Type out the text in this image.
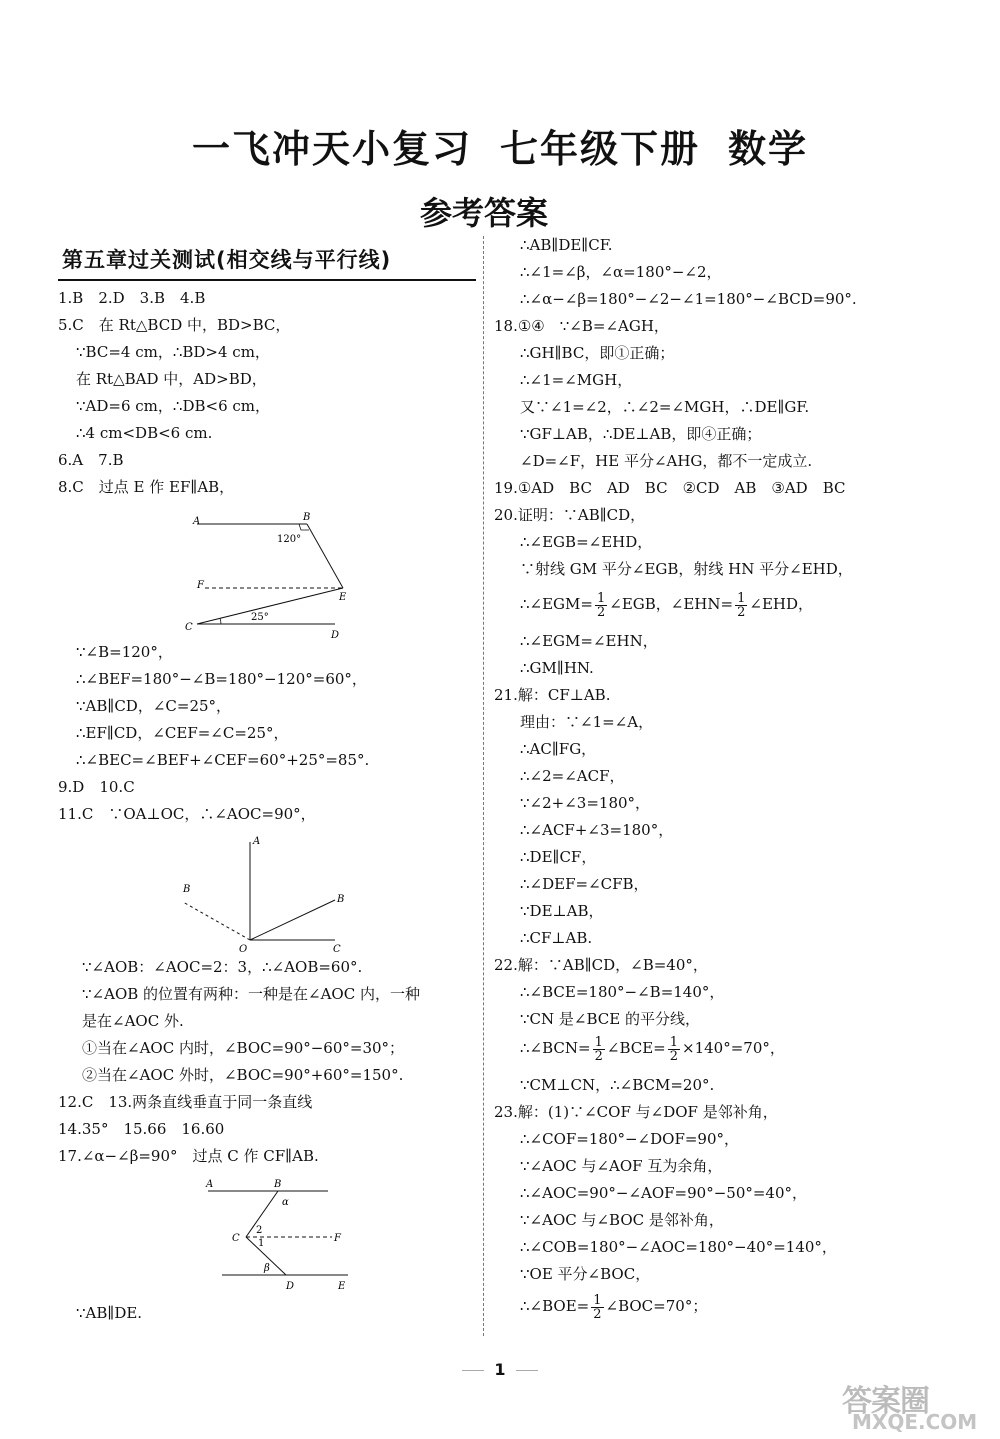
一飞冲天小复习 七年级下册 数学
参考答案
第五章过关测试(相交线与平行线)
1.B　2.D　3.B　4.B
5.C　在 Rt△BCD 中，BD>BC，
∵BC=4 cm，∴BD>4 cm，
在 Rt△BAD 中，AD>BD，
∵AD=6 cm，∴DB<6 cm，
∴4 cm<DB<6 cm.
6.A　7.B
8.C　过点 E 作 EF∥AB，
A	B
120°
F
E
25°
C
D
∵∠B=120°，
∴∠BEF=180°−∠B=180°−120°=60°，
∵AB∥CD，∠C=25°，
∴EF∥CD，∠CEF=∠C=25°，
∴∠BEC=∠BEF+∠CEF=60°+25°=85°.
9.D　10.C
11.C　∵OA⊥OC，∴∠AOC=90°，
A
B
B
O	C
∵∠AOB：∠AOC=2：3，∴∠AOB=60°.
∵∠AOB 的位置有两种：一种是在∠AOC 内，一种
是在∠AOC 外.
①当在∠AOC 内时，∠BOC=90°−60°=30°；
②当在∠AOC 外时，∠BOC=90°+60°=150°.
12.C　13.两条直线垂直于同一条直线
14.35°　15.66　16.60
17.∠α−∠β=90°　过点 C 作 CF∥AB.
A	B
α
C
2
1	F
β
D	E
∵AB∥DE.
∴AB∥DE∥CF.
∴∠1=∠β，∠α=180°−∠2，
∴∠α−∠β=180°−∠2−∠1=180°−∠BCD=90°.
18.①④　∵∠B=∠AGH，
∴GH∥BC，即①正确；
∴∠1=∠MGH，
又∵∠1=∠2，∴∠2=∠MGH，∴DE∥GF.
∵GF⊥AB，∴DE⊥AB，即④正确；
∠D=∠F，HE 平分∠AHG，都不一定成立.
19.①AD　BC　AD　BC　②CD　AB　③AD　BC
20.证明：∵AB∥CD，
∴∠EGB=∠EHD，
∵射线 GM 平分∠EGB，射线 HN 平分∠EHD，
∴∠EGM= $\frac{1}{2}$ ∠EGB，∠EHN= $\frac{1}{2}$ ∠EHD，
∴∠EGM=∠EHN，
∴GM∥HN.
21.解：CF⊥AB.
理由：∵∠1=∠A，
∴AC∥FG，
∴∠2=∠ACF，
∵∠2+∠3=180°，
∴∠ACF+∠3=180°，
∴DE∥CF，
∴∠DEF=∠CFB，
∵DE⊥AB，
∴CF⊥AB.
22.解：∵AB∥CD，∠B=40°，
∴∠BCE=180°−∠B=140°，
∵CN 是∠BCE 的平分线，
∴∠BCN= $\frac{1}{2}$ ∠BCE= $\frac{1}{2} \times 140^\circ=70^\circ$，
∵CM⊥CN，∴∠BCM=20°.
23.解：(1)∵∠COF 与∠DOF 是邻补角，
∴∠COF=180°−∠DOF=90°，
∵∠AOC 与∠AOF 互为余角，
∴∠AOC=90°−∠AOF=90°−50°=40°，
∵∠AOC 与∠BOC 是邻补角，
∴∠COB=180°−∠AOC=180°−40°=140°，
∵OE 平分∠BOC，
∴∠BOE= $\frac{1}{2}$ ∠BOC=70°；
1
答案圈
MXQE.COM
